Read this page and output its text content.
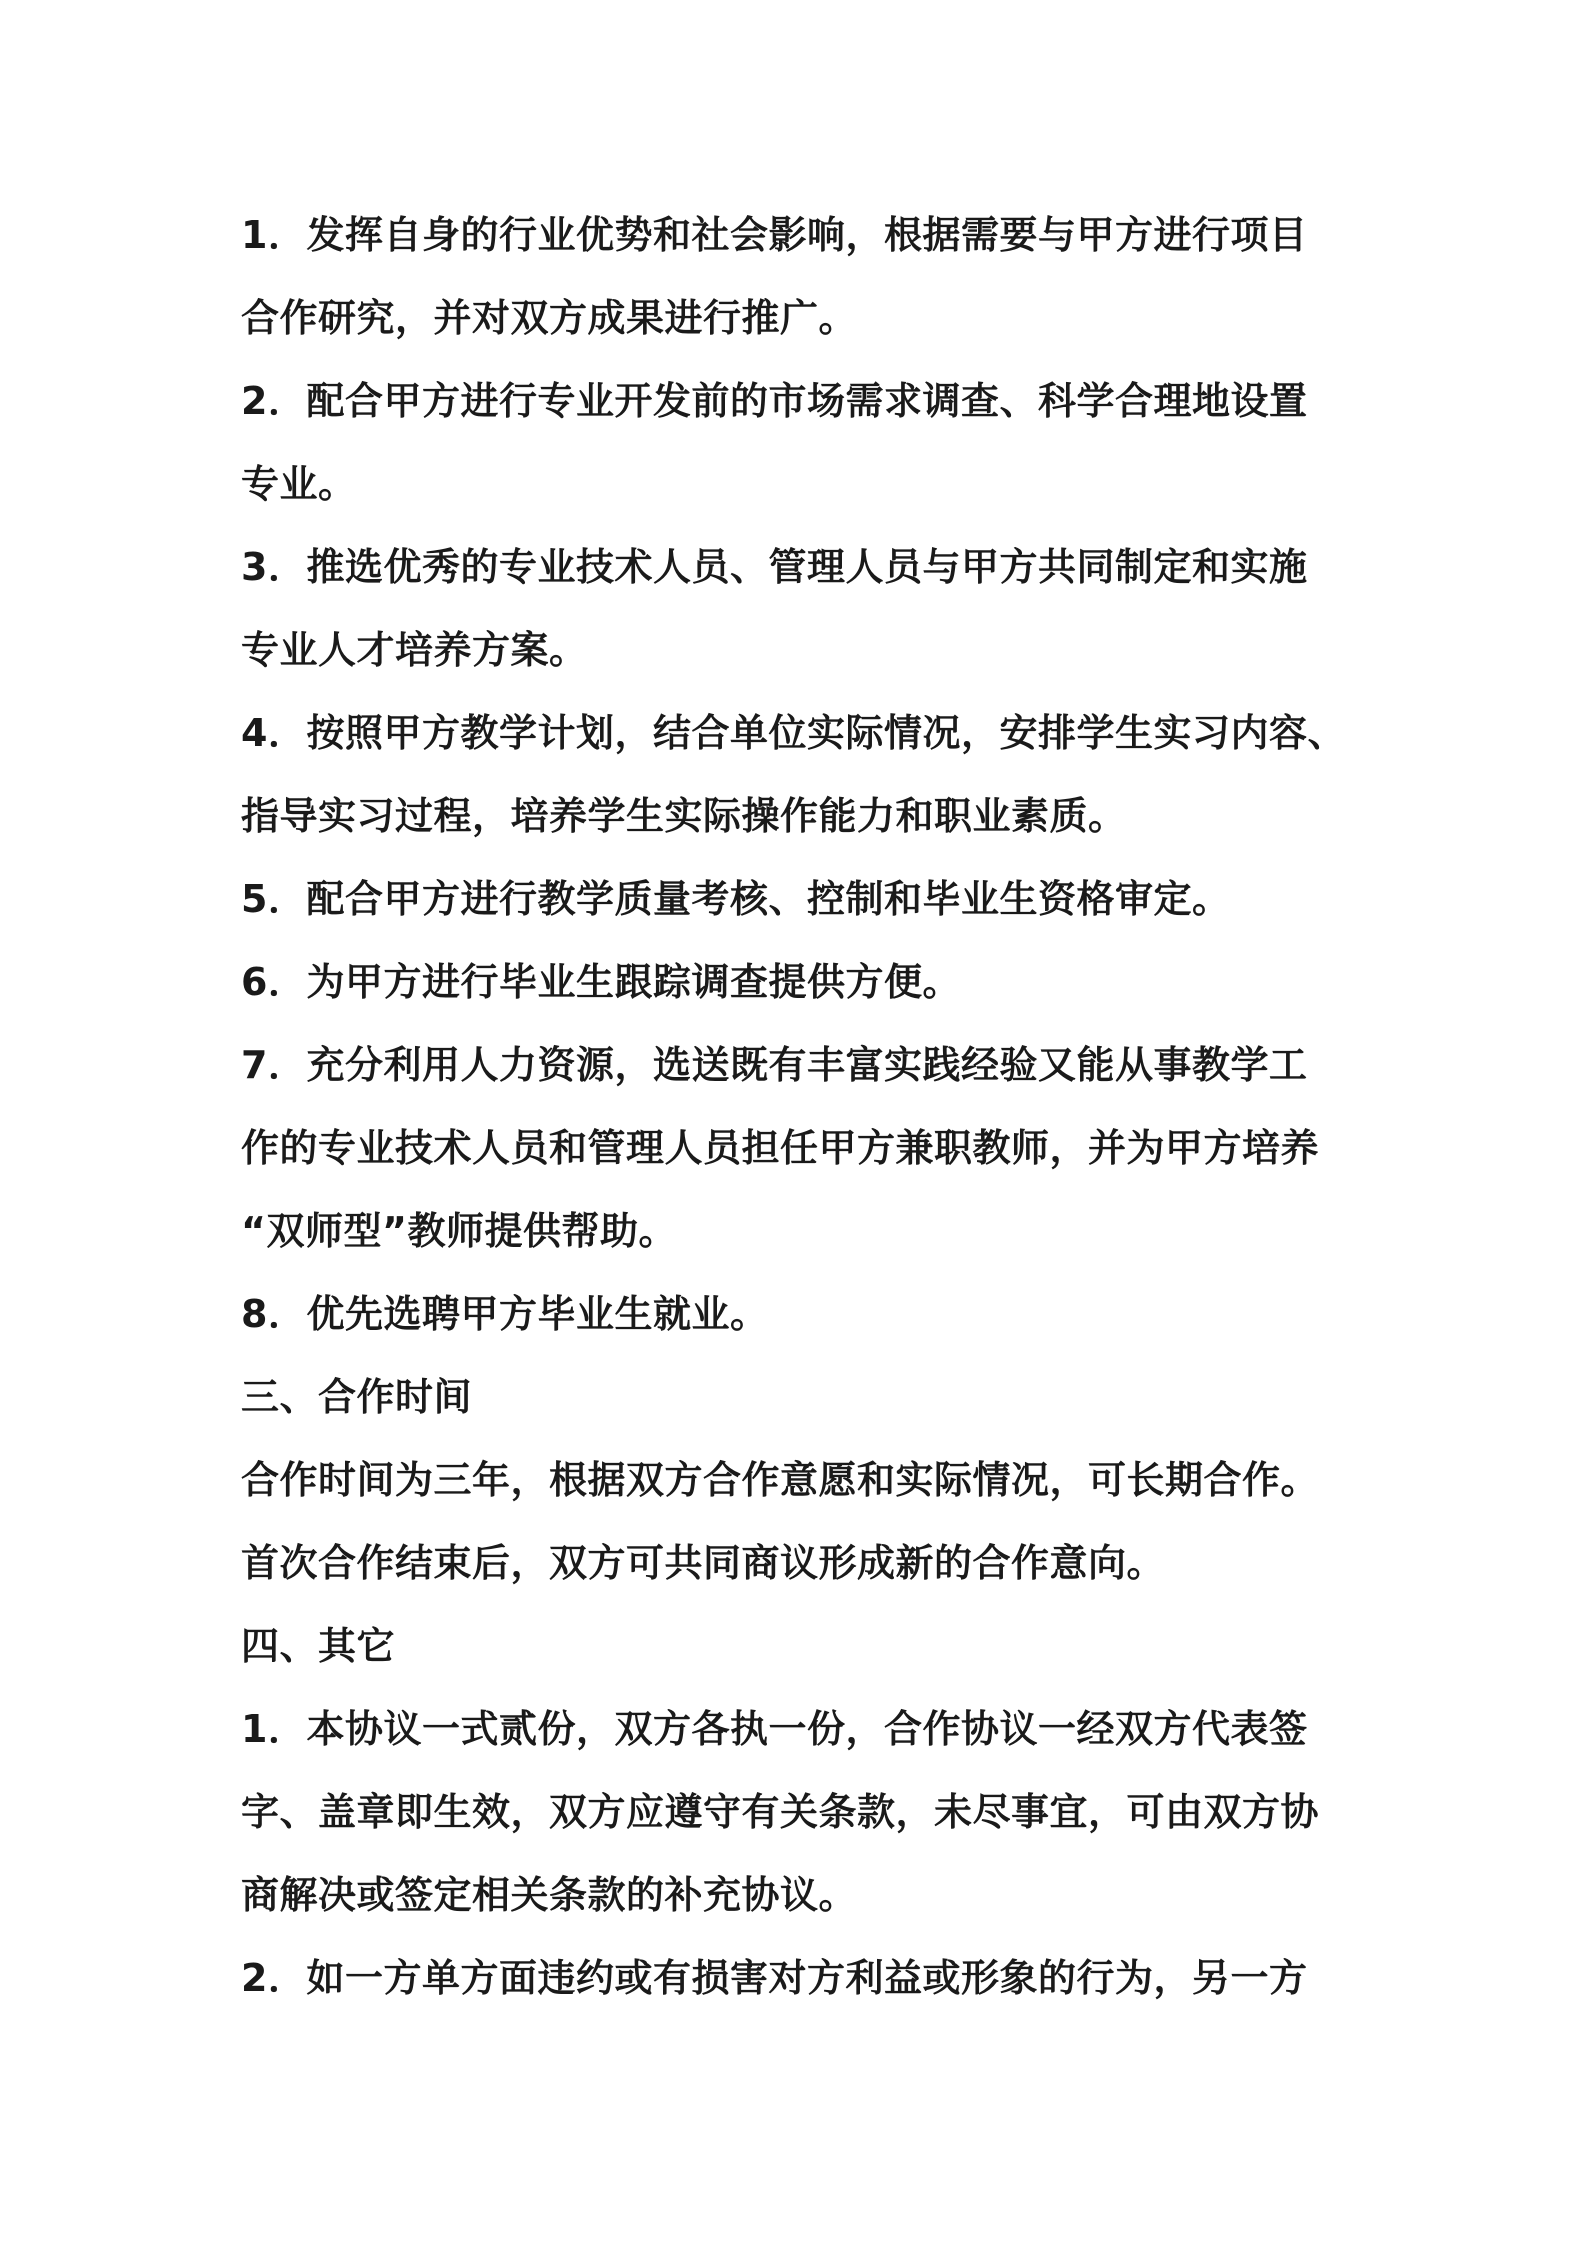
1．发挥自身的行业优势和社会影响，根据需要与甲方进行项目
合作研究，并对双方成果进行推广。
2．配合甲方进行专业开发前的市场需求调查、科学合理地设置
专业。
3．推选优秀的专业技术人员、管理人员与甲方共同制定和实施
专业人才培养方案。
4．按照甲方教学计划，结合单位实际情况，安排学生实习内容、
指导实习过程，培养学生实际操作能力和职业素质。
5．配合甲方进行教学质量考核、控制和毕业生资格审定。
6．为甲方进行毕业生跟踪调查提供方便。
7．充分利用人力资源，选送既有丰富实践经验又能从事教学工
作的专业技术人员和管理人员担任甲方兼职教师，并为甲方培养
“双师型”教师提供帮助。
8．优先选聘甲方毕业生就业。
三、合作时间
合作时间为三年，根据双方合作意愿和实际情况，可长期合作。
首次合作结束后，双方可共同商议形成新的合作意向。
四、其它
1．本协议一式贰份，双方各执一份，合作协议一经双方代表签
字、盖章即生效，双方应遵守有关条款，未尽事宜，可由双方协
商解决或签定相关条款的补充协议。
2．如一方单方面违约或有损害对方利益或形象的行为，另一方
